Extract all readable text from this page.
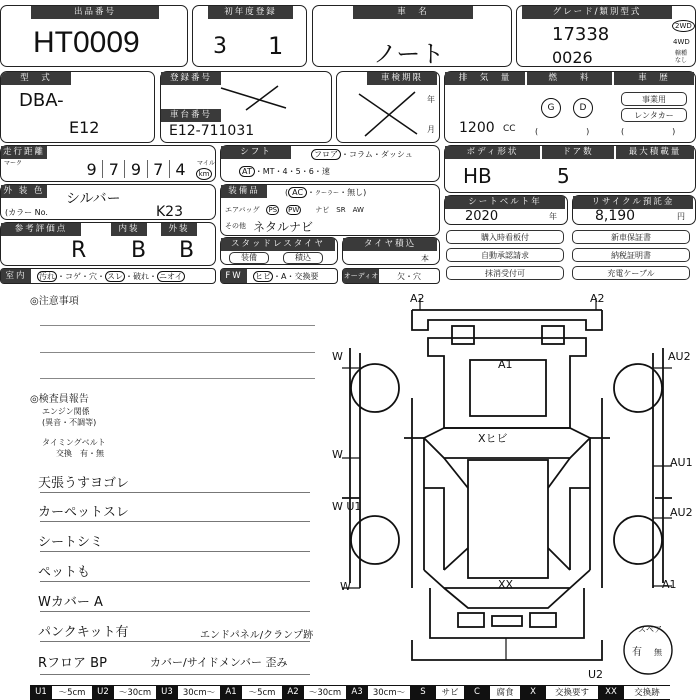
出品番号
HT0009
初年度登録
3 1
車　名
ノート
グレード/類別型式
17338
0026
2WD
4WD
轄種
なし
型　式
DBA-
E12
登録番号
車台番号
E12-711031
車検期限
年
月
排　気　量	燃　　料	車　歴
1200 CC
G	D
(　　　　　　)
事業用
レンタカー
(　　　　　　)
走行距離
マーク	9 7 9 7 4	マイル
km
シフト	フロア ・コラム・ダッシュ
AT ・MT・4・5・6・速
ボディ形状	ドア数	最大積載量
HB	5
外 装 色 シルバー
(カラー No.	K23
装備品	( AC ・クーラー・無し)
エアバッグ　 PS　 PW　　 ナビ　 SR　 AW
その他 ネタルナビ
シートベルト年
2020	年
リサイクル預託金
8,190	円
参考評価点	内装	外装
R B B	スタッドレスタイヤ
装備	積込
タイヤ積込
本
購入時看板付	新車保証書
自動承認請求	納税証明書
抹消受付可	充電ケーブル
室内	汚れ ・コゲ・穴・ スレ ・破れ・ ニオイ	FW	ヒビ ・A・交換要	オーディオ 欠・穴
◎注意事項
◎検査員報告
エンジン関係
(異音・不調等)
タイミングベルト
交換　有・無
天張うすヨゴレ
カーペットスレ
シートシミ
ペットも
Wカバー A
パンクキット有	エンドパネル/クランプ跡
Rフロア BP	カバー/サイドメンバー 歪み
A2	A2
A1
W	AU2
Xヒビ
W
AU1
W U1	AU2
W	XX	A1
U2
スペア
有 無
U1	〜5cm	U2	〜30cm	U3	30cm〜	A1	〜5cm	A2	〜30cm	A3	30cm〜	S	サビ	C	腐食	X	交換要す	XX	交換跡
